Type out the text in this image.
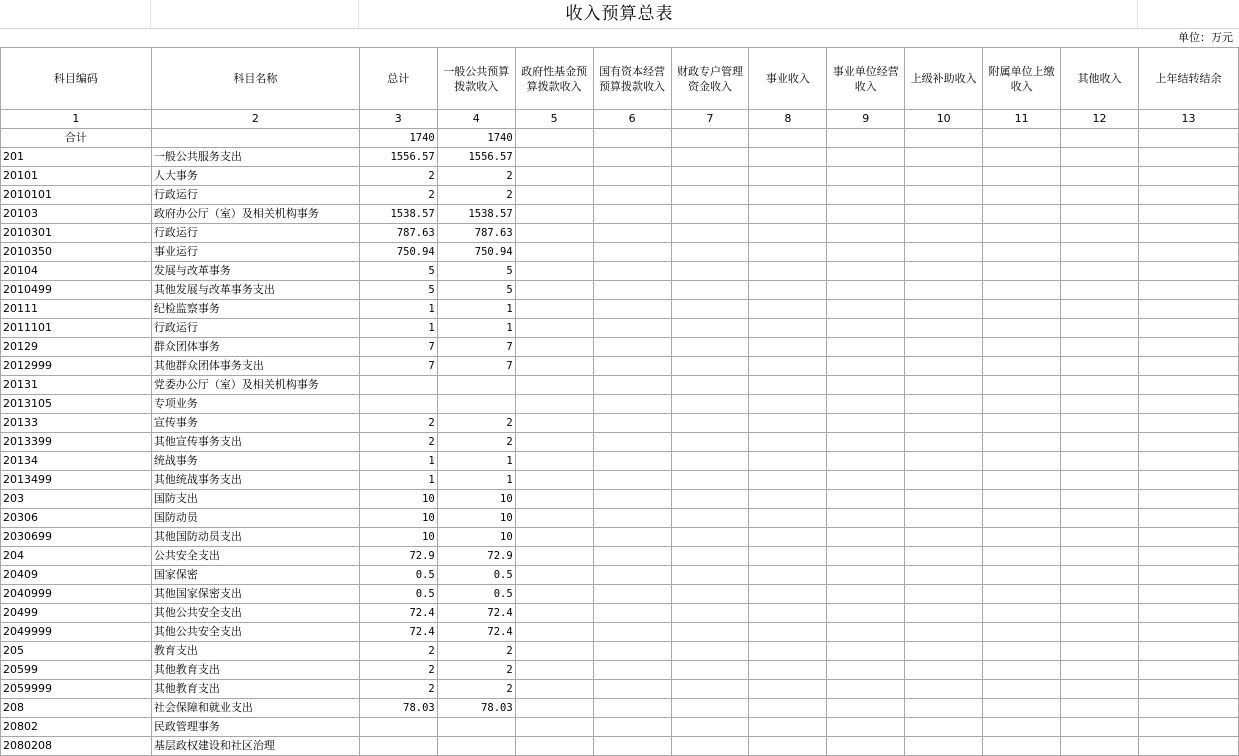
收入预算总表
单位：万元
科目编码	科目名称	总计	一般公共预算拨款收入	政府性基金预算拨款收入	国有资本经营预算拨款收入	财政专户管理资金收入	事业收入	事业单位经营收入	上级补助收入	附属单位上缴收入	其他收入	上年结转结余
1	2	3	4	5	6	7	8	9	10	11	12	13
合计		1740	1740									
201	一般公共服务支出	1556.57	1556.57									
20101	人大事务	2	2									
2010101	行政运行	2	2									
20103	政府办公厅（室）及相关机构事务	1538.57	1538.57									
2010301	行政运行	787.63	787.63									
2010350	事业运行	750.94	750.94									
20104	发展与改革事务	5	5									
2010499	其他发展与改革事务支出	5	5									
20111	纪检监察事务	1	1									
2011101	行政运行	1	1									
20129	群众团体事务	7	7									
2012999	其他群众团体事务支出	7	7									
20131	党委办公厅（室）及相关机构事务											
2013105	专项业务											
20133	宣传事务	2	2									
2013399	其他宣传事务支出	2	2									
20134	统战事务	1	1									
2013499	其他统战事务支出	1	1									
203	国防支出	10	10									
20306	国防动员	10	10									
2030699	其他国防动员支出	10	10									
204	公共安全支出	72.9	72.9									
20409	国家保密	0.5	0.5									
2040999	其他国家保密支出	0.5	0.5									
20499	其他公共安全支出	72.4	72.4									
2049999	其他公共安全支出	72.4	72.4									
205	教育支出	2	2									
20599	其他教育支出	2	2									
2059999	其他教育支出	2	2									
208	社会保障和就业支出	78.03	78.03									
20802	民政管理事务											
2080208	基层政权建设和社区治理											
